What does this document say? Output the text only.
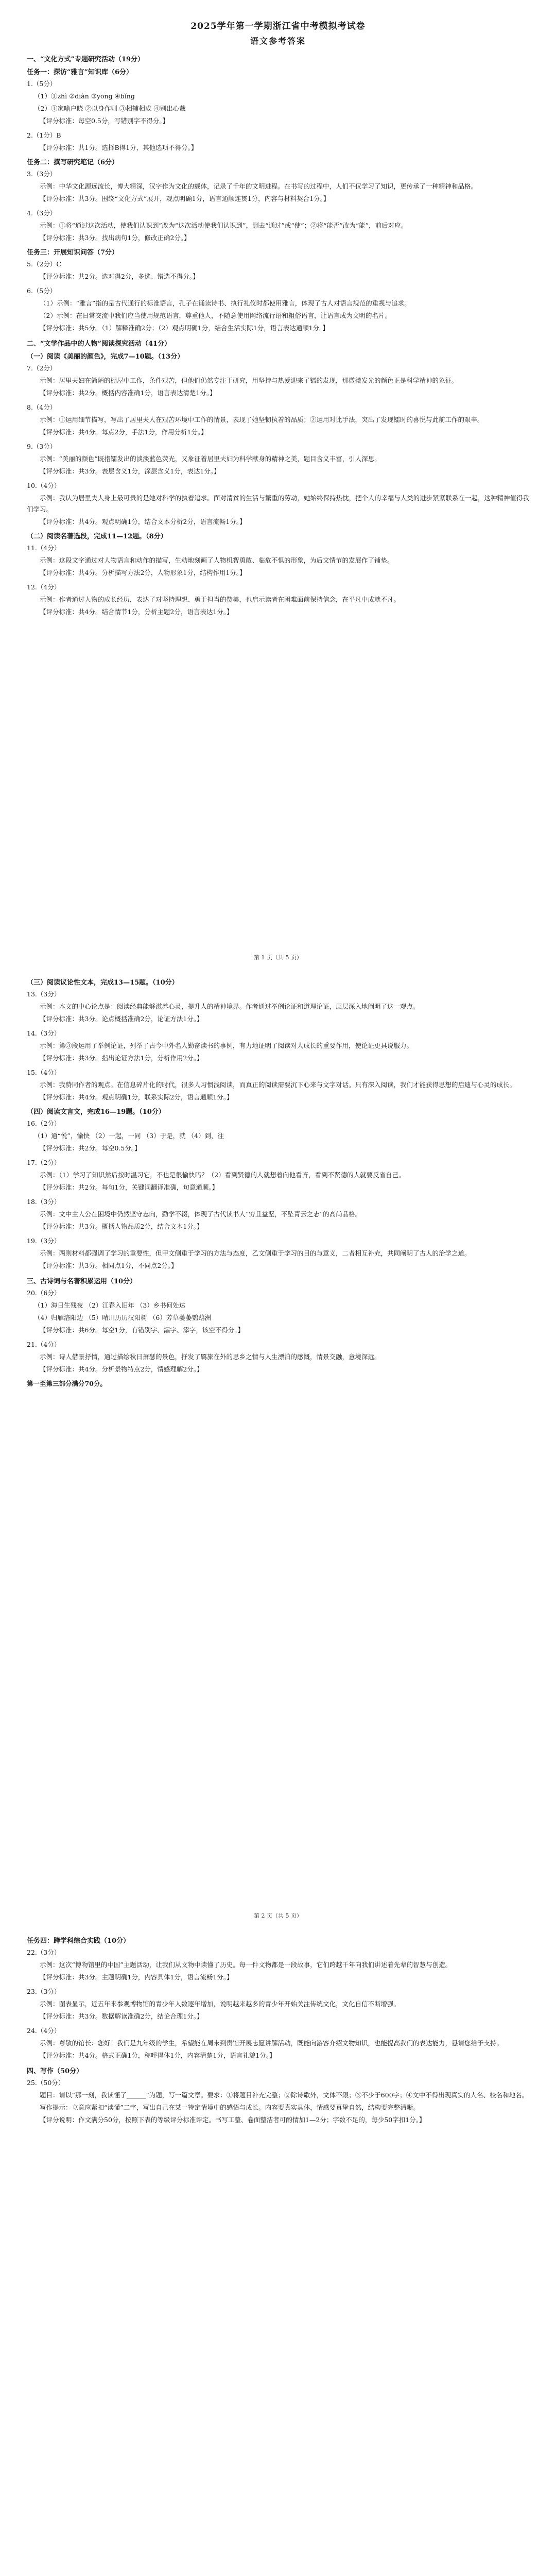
2025学年第一学期浙江省中考模拟考试卷
语文参考答案
一、“文化方式”专题研究活动（19分）
任务一：探访“雅言”知识库（6分）
1.（5分）
（1）①zhì ②diàn ③yōng ④bǐng
（2）①家喻户晓 ②以身作则 ③相辅相成 ④别出心裁
【评分标准：每空0.5分，写错别字不得分。】
2.（1分）B
【评分标准：共1分。选择B得1分，其他选项不得分。】
任务二：撰写研究笔记（6分）
3.（3分）
示例：中华文化源远流长，博大精深，汉字作为文化的载体，记录了千年的文明进程。在书写的过程中，人们不仅学习了知识，更传承了一种精神和品格。
【评分标准：共3分。围绕“文化方式”展开，观点明确1分，语言通顺连贯1分，内容与材料契合1分。】
4.（3分）
示例：①将“通过这次活动，使我们认识到”改为“这次活动使我们认识到”，删去“通过”或“使”；②将“能否”改为“能”，前后对应。
【评分标准：共3分。找出病句1分，修改正确2分。】
任务三：开展知识问答（7分）
5.（2分）C
【评分标准：共2分。选对得2分，多选、错选不得分。】
6.（5分）
（1）示例：“雅言”指的是古代通行的标准语言，孔子在诵读诗书、执行礼仪时都使用雅言，体现了古人对语言规范的重视与追求。
（2）示例：在日常交流中我们应当使用规范语言，尊重他人，不随意使用网络流行语和粗俗语言，让语言成为文明的名片。
【评分标准：共5分。（1）解释准确2分；（2）观点明确1分，结合生活实际1分，语言表达通顺1分。】
二、“文学作品中的人物”阅读探究活动（41分）
（一）阅读《美丽的颜色》，完成7—10题。（13分）
7.（2分）
示例：居里夫妇在简陋的棚屋中工作，条件艰苦，但他们仍然专注于研究，用坚持与热爱迎来了镭的发现，那微微发光的颜色正是科学精神的象征。
【评分标准：共2分。概括内容准确1分，语言表达清楚1分。】
8.（4分）
示例：①运用细节描写，写出了居里夫人在艰苦环境中工作的情景，表现了她坚韧执着的品质；②运用对比手法，突出了发现镭时的喜悦与此前工作的艰辛。
【评分标准：共4分。每点2分，手法1分，作用分析1分。】
9.（3分）
示例：“美丽的颜色”既指镭发出的淡淡蓝色荧光，又象征着居里夫妇为科学献身的精神之美，题目含义丰富，引人深思。
【评分标准：共3分。表层含义1分，深层含义1分，表达1分。】
10.（4分）
示例：我认为居里夫人身上最可贵的是她对科学的执着追求。面对清贫的生活与繁重的劳动，她始终保持热忱，把个人的幸福与人类的进步紧紧联系在一起，这种精神值得我们学习。
【评分标准：共4分。观点明确1分，结合文本分析2分，语言流畅1分。】
（二）阅读名著选段，完成11—12题。（8分）
11.（4分）
示例：这段文字通过对人物语言和动作的描写，生动地刻画了人物机智勇敢、临危不惧的形象，为后文情节的发展作了铺垫。
【评分标准：共4分。分析描写方法2分，人物形象1分，结构作用1分。】
12.（4分）
示例：作者通过人物的成长经历，表达了对坚持理想、勇于担当的赞美，也启示读者在困难面前保持信念，在平凡中成就不凡。
【评分标准：共4分。结合情节1分，分析主题2分，语言表达1分。】
第 1 页（共 5 页）
（三）阅读议论性文本，完成13—15题。（10分）
13.（3分）
示例：本文的中心论点是：阅读经典能够滋养心灵，提升人的精神境界。作者通过举例论证和道理论证，层层深入地阐明了这一观点。
【评分标准：共3分。论点概括准确2分，论证方法1分。】
14.（3分）
示例：第③段运用了举例论证，列举了古今中外名人勤奋读书的事例，有力地证明了阅读对人成长的重要作用，使论证更具说服力。
【评分标准：共3分。指出论证方法1分，分析作用2分。】
15.（4分）
示例：我赞同作者的观点。在信息碎片化的时代，很多人习惯浅阅读，而真正的阅读需要沉下心来与文字对话。只有深入阅读，我们才能获得思想的启迪与心灵的成长。
【评分标准：共4分。观点明确1分，联系实际2分，语言通顺1分。】
（四）阅读文言文，完成16—19题。（10分）
16.（2分）
（1）通“悦”，愉快 （2）一起，一同 （3）于是，就 （4）到，往
【评分标准：共2分。每空0.5分。】
17.（2分）
示例：（1）学习了知识然后按时温习它，不也是很愉快吗？（2）看到贤德的人就想着向他看齐，看到不贤德的人就要反省自己。
【评分标准：共2分。每句1分，关键词翻译准确，句意通顺。】
18.（3分）
示例：文中主人公在困境中仍然坚守志向，勤学不辍，体现了古代读书人“穷且益坚，不坠青云之志”的高尚品格。
【评分标准：共3分。概括人物品质2分，结合文本1分。】
19.（3分）
示例：两则材料都强调了学习的重要性，但甲文侧重于学习的方法与态度，乙文侧重于学习的目的与意义，二者相互补充，共同阐明了古人的治学之道。
【评分标准：共3分。相同点1分，不同点2分。】
三、古诗词与名著积累运用（10分）
20.（6分）
（1）海日生残夜 （2）江春入旧年 （3）乡书何处达
（4）归雁洛阳边 （5）晴川历历汉阳树 （6）芳草萋萋鹦鹉洲
【评分标准：共6分。每空1分，有错别字、漏字、添字，该空不得分。】
21.（4分）
示例：诗人借景抒情，通过描绘秋日萧瑟的景色，抒发了羁旅在外的思乡之情与人生漂泊的感慨，情景交融，意境深远。
【评分标准：共4分。分析景物特点2分，情感理解2分。】
第一至第三部分满分70分。
第 2 页（共 5 页）
任务四：跨学科综合实践（10分）
22.（3分）
示例：这次“博物馆里的中国”主题活动，让我们从文物中读懂了历史。每一件文物都是一段故事，它们跨越千年向我们讲述着先辈的智慧与创造。
【评分标准：共3分。主题明确1分，内容具体1分，语言流畅1分。】
23.（3分）
示例：图表显示，近五年来参观博物馆的青少年人数逐年增加，说明越来越多的青少年开始关注传统文化，文化自信不断增强。
【评分标准：共3分。数据解读准确2分，结论合理1分。】
24.（4分）
示例：尊敬的馆长：您好！我们是九年级的学生，希望能在周末到贵馆开展志愿讲解活动，既能向游客介绍文物知识，也能提高我们的表达能力，恳请您给予支持。
【评分标准：共4分。格式正确1分，称呼得体1分，内容清楚1分，语言礼貌1分。】
四、写作（50分）
25.（50分）
题目：请以“那一刻，我读懂了______”为题，写一篇文章。要求：①将题目补充完整；②除诗歌外，文体不限；③不少于600字；④文中不得出现真实的人名、校名和地名。
写作提示：立意应紧扣“读懂”二字，写出自己在某一特定情境中的感悟与成长。内容要真实具体，情感要真挚自然，结构要完整清晰。
【评分说明：作文满分50分，按照下表的等级评分标准评定。书写工整、卷面整洁者可酌情加1—2分；字数不足的，每少50字扣1分。】
